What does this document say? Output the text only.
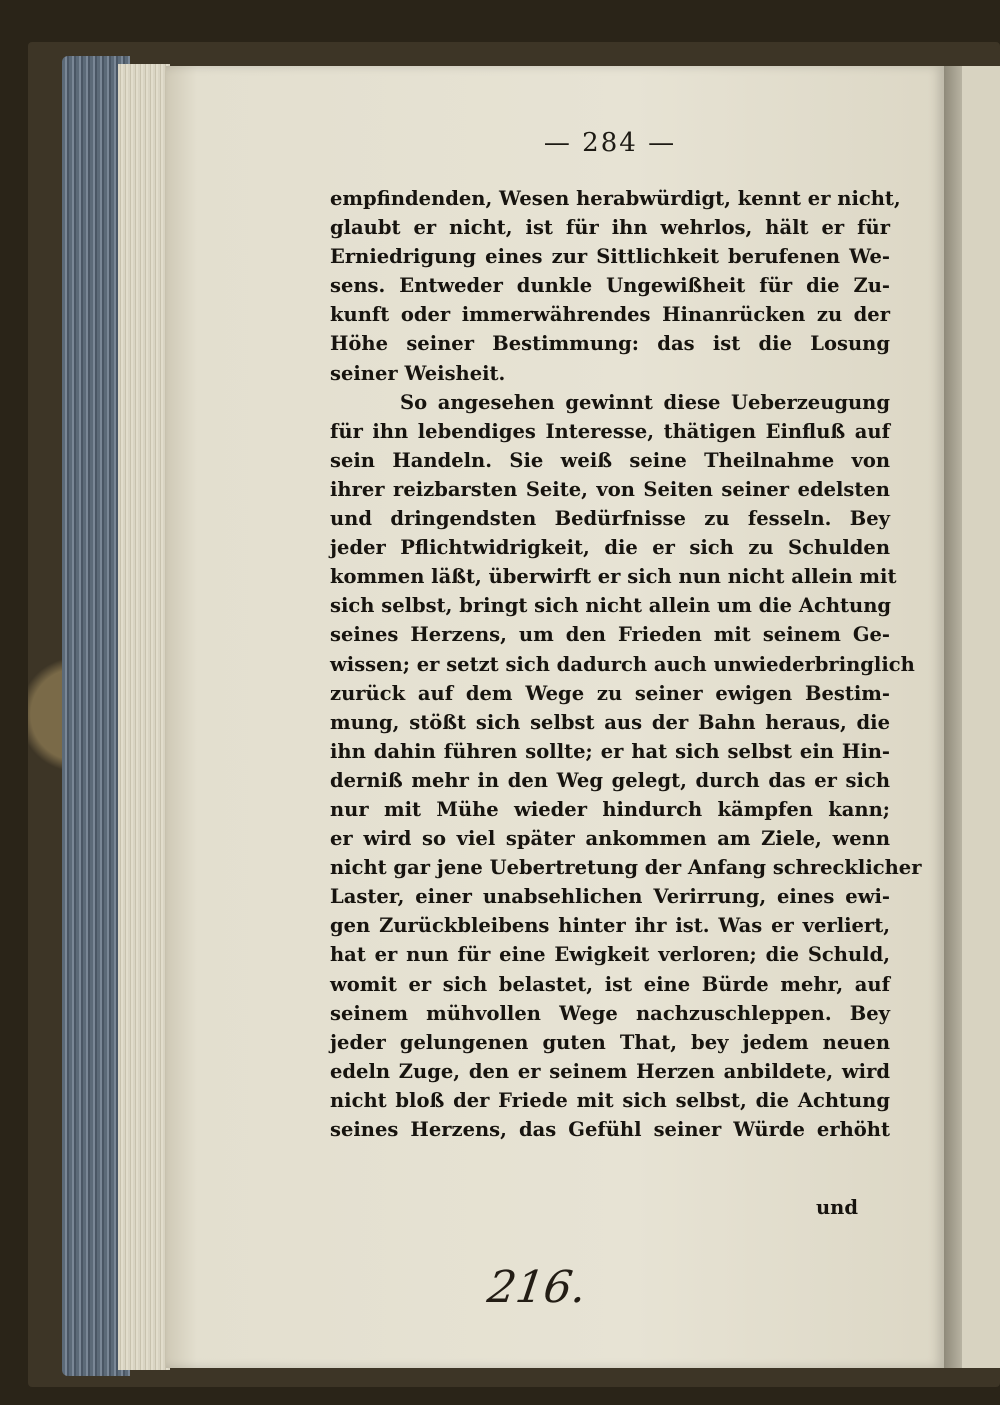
— 284 —
empfindenden, Wesen herabwürdigt, kennt er nicht,
glaubt er nicht, ist für ihn wehrlos, hält er für
Erniedrigung eines zur Sittlichkeit berufenen We-
sens. Entweder dunkle Ungewißheit für die Zu-
kunft oder immerwährendes Hinanrücken zu der
Höhe seiner Bestimmung: das ist die Losung
seiner Weisheit.
So angesehen gewinnt diese Ueberzeugung
für ihn lebendiges Interesse, thätigen Einfluß auf
sein Handeln. Sie weiß seine Theilnahme von
ihrer reizbarsten Seite, von Seiten seiner edelsten
und dringendsten Bedürfnisse zu fesseln. Bey
jeder Pflichtwidrigkeit, die er sich zu Schulden
kommen läßt, überwirft er sich nun nicht allein mit
sich selbst, bringt sich nicht allein um die Achtung
seines Herzens, um den Frieden mit seinem Ge-
wissen; er setzt sich dadurch auch unwiederbringlich
zurück auf dem Wege zu seiner ewigen Bestim-
mung, stößt sich selbst aus der Bahn heraus, die
ihn dahin führen sollte; er hat sich selbst ein Hin-
derniß mehr in den Weg gelegt, durch das er sich
nur mit Mühe wieder hindurch kämpfen kann;
er wird so viel später ankommen am Ziele, wenn
nicht gar jene Uebertretung der Anfang schrecklicher
Laster, einer unabsehlichen Verirrung, eines ewi-
gen Zurückbleibens hinter ihr ist. Was er verliert,
hat er nun für eine Ewigkeit verloren; die Schuld,
womit er sich belastet, ist eine Bürde mehr, auf
seinem mühvollen Wege nachzuschleppen. Bey
jeder gelungenen guten That, bey jedem neuen
edeln Zuge, den er seinem Herzen anbildete, wird
nicht bloß der Friede mit sich selbst, die Achtung
seines Herzens, das Gefühl seiner Würde erhöht
und
216.
